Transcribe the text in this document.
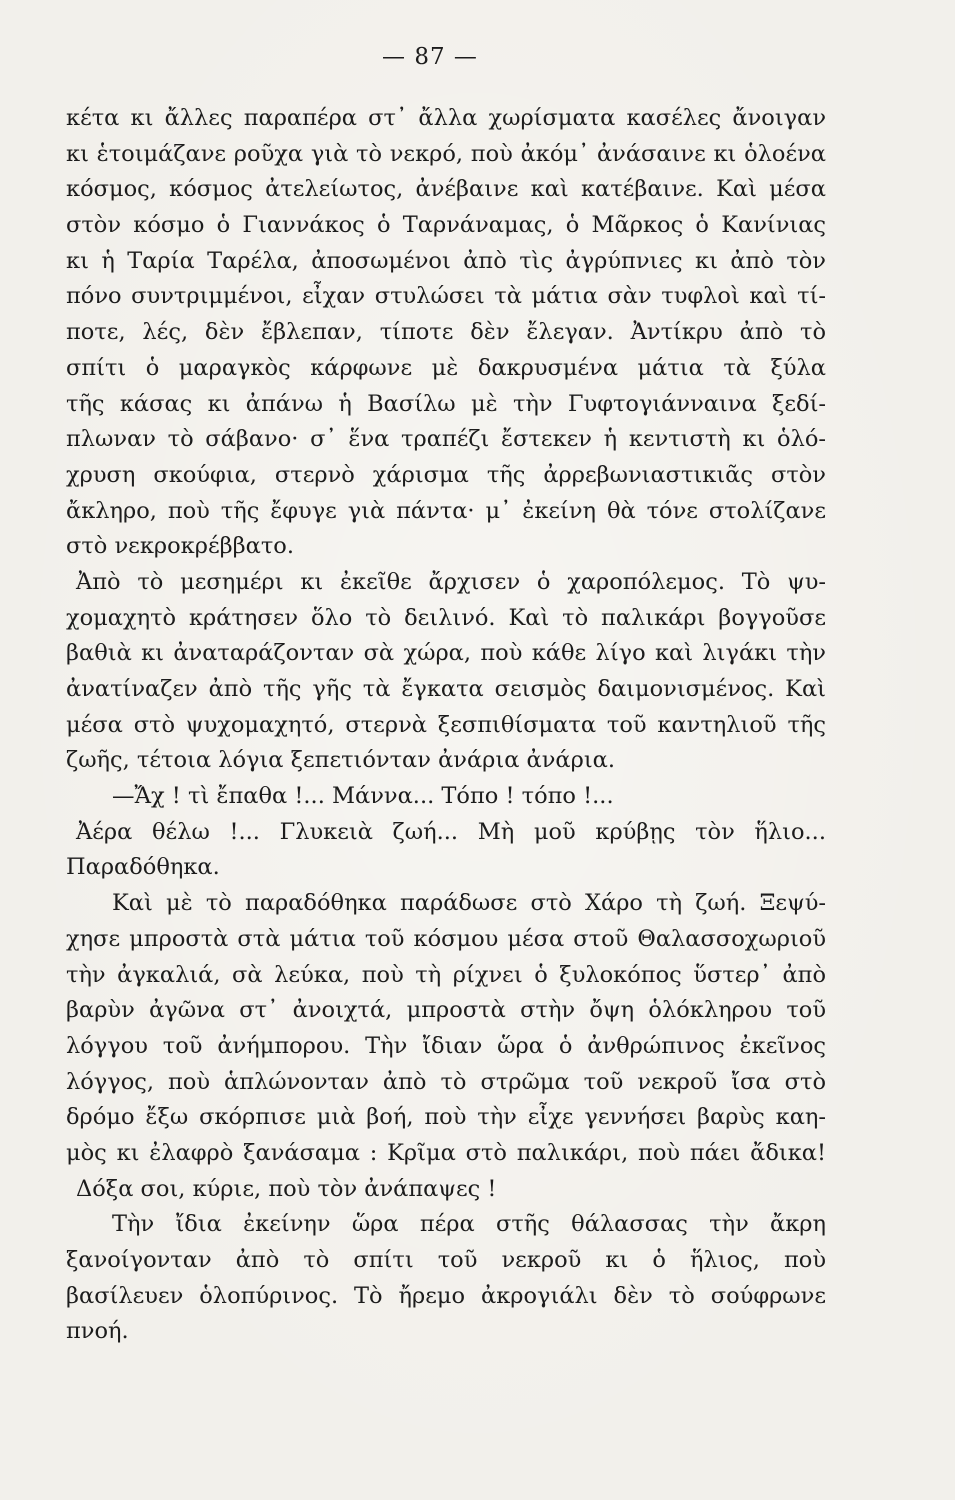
— 87 —
κέτα κι ἄλλες παραπέρα στ᾽ ἄλλα χωρίσματα κασέλες ἄνοιγαν
κι ἑτοιμάζανε ροῦχα γιὰ τὸ νεκρό, ποὺ ἀκόμ᾽ ἀνάσαινε κι ὁλοένα
κόσμος, κόσμος ἀτελείωτος, ἀνέβαινε καὶ κατέβαινε. Καὶ μέσα
στὸν κόσμο ὁ Γιαννάκος ὁ Ταρνάναμας, ὁ Μᾶρκος ὁ Κανίνιας
κι ἡ Ταρία Ταρέλα, ἀποσωμένοι ἀπὸ τὶς ἀγρύπνιες κι ἀπὸ τὸν
πόνο συντριμμένοι, εἶχαν στυλώσει τὰ μάτια σὰν τυφλοὶ καὶ τί-
ποτε, λές, δὲν ἔβλεπαν, τίποτε δὲν ἔλεγαν. Ἀντίκρυ ἀπὸ τὸ
σπίτι ὁ μαραγκὸς κάρφωνε μὲ δακρυσμένα μάτια τὰ ξύλα
τῆς κάσας κι ἀπάνω ἡ Βασίλω μὲ τὴν Γυφτογιάνναινα ξεδί-
πλωναν τὸ σάβανο· σ᾽ ἕνα τραπέζι ἔστεκεν ἡ κεντιστὴ κι ὁλό-
χρυση σκούφια, στερνὸ χάρισμα τῆς ἀρρεβωνιαστικιᾶς στὸν
ἄκληρο, ποὺ τῆς ἔφυγε γιὰ πάντα· μ᾽ ἐκείνη θὰ τόνε στολίζανε
στὸ νεκροκρέββατο.
Ἀπὸ τὸ μεσημέρι κι ἐκεῖθε ἄρχισεν ὁ χαροπόλεμος. Τὸ ψυ-
χομαχητὸ κράτησεν ὅλο τὸ δειλινό. Καὶ τὸ παλικάρι βογγοῦσε
βαθιὰ κι ἀναταράζονταν σὰ χώρα, ποὺ κάθε λίγο καὶ λιγάκι τὴν
ἀνατίναζεν ἀπὸ τῆς γῆς τὰ ἔγκατα σεισμὸς δαιμονισμένος. Καὶ
μέσα στὸ ψυχομαχητό, στερνὰ ξεσπιθίσματα τοῦ καντηλιοῦ τῆς
ζωῆς, τέτοια λόγια ξεπετιόνταν ἀνάρια ἀνάρια.
—Ἄχ ! τὶ ἔπαθα !... Μάννα... Τόπο ! τόπο !...
Ἀέρα θέλω !... Γλυκειὰ ζωή... Μὴ μοῦ κρύβῃς τὸν ἥλιο...
Παραδόθηκα.
Καὶ μὲ τὸ παραδόθηκα παράδωσε στὸ Χάρο τὴ ζωή. Ξεψύ-
χησε μπροστὰ στὰ μάτια τοῦ κόσμου μέσα στοῦ Θαλασσοχωριοῦ
τὴν ἀγκαλιά, σὰ λεύκα, ποὺ τὴ ρίχνει ὁ ξυλοκόπος ὕστερ᾽ ἀπὸ
βαρὺν ἀγῶνα στ᾽ ἀνοιχτά, μπροστὰ στὴν ὄψη ὁλόκληρου τοῦ
λόγγου τοῦ ἀνήμπορου. Τὴν ἴδιαν ὥρα ὁ ἀνθρώπινος ἐκεῖνος
λόγγος, ποὺ ἁπλώνονταν ἀπὸ τὸ στρῶμα τοῦ νεκροῦ ἴσα στὸ
δρόμο ἔξω σκόρπισε μιὰ βοή, ποὺ τὴν εἶχε γεννήσει βαρὺς καη-
μὸς κι ἐλαφρὸ ξανάσαμα : Κρῖμα στὸ παλικάρι, ποὺ πάει ἄδικα!
Δόξα σοι, κύριε, ποὺ τὸν ἀνάπαψες !
Τὴν ἴδια ἐκείνην ὥρα πέρα στῆς θάλασσας τὴν ἄκρη
ξανοίγονταν ἀπὸ τὸ σπίτι τοῦ νεκροῦ κι ὁ ἥλιος, ποὺ
βασίλευεν ὁλοπύρινος. Τὸ ἤρεμο ἀκρογιάλι δὲν τὸ σούφρωνε
πνοή.
